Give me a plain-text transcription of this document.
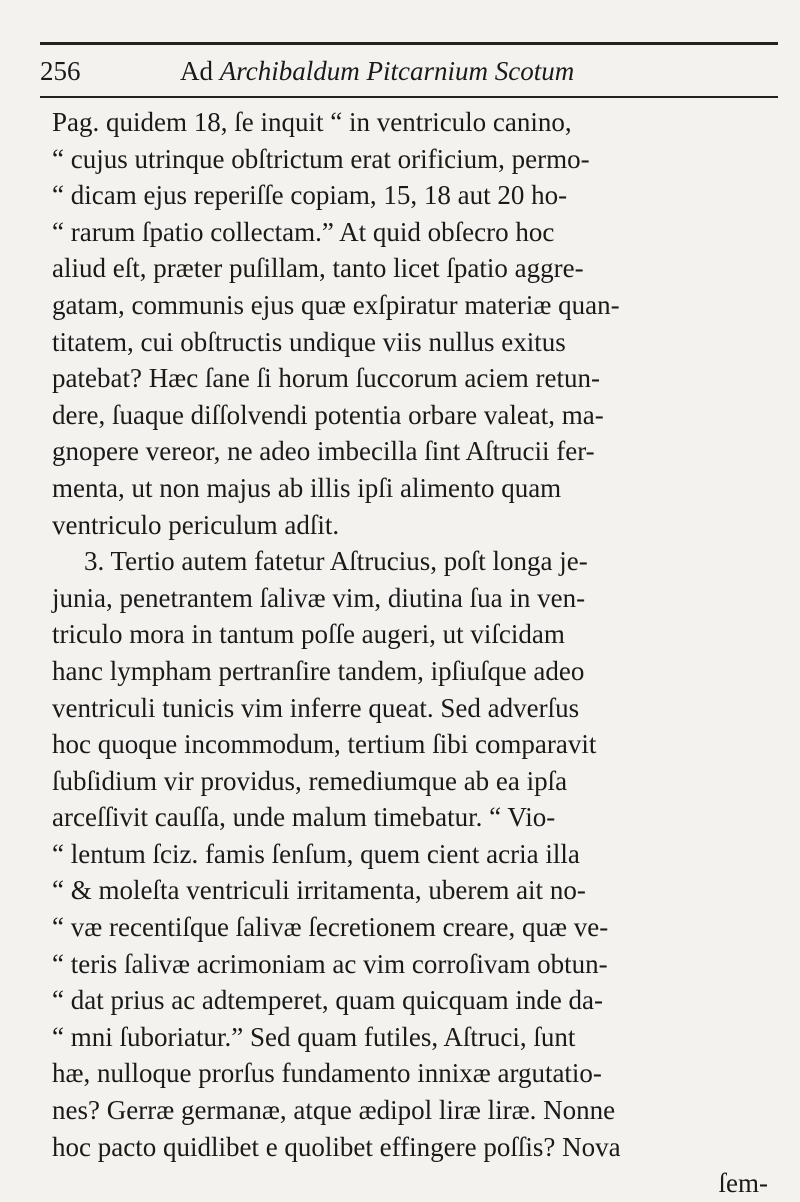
256	Ad Archibaldum Pitcarnium Scotum
Pag. quidem 18, ſe inquit “ in ventriculo canino,
“ cujus utrinque obſtrictum erat orificium, permo-
“ dicam ejus reperiſſe copiam, 15, 18 aut 20 ho-
“ rarum ſpatio collectam.” At quid obſecro hoc
aliud eſt, præter puſillam, tanto licet ſpatio aggre-
gatam, communis ejus quæ exſpiratur materiæ quan-
titatem, cui obſtructis undique viis nullus exitus
patebat? Hæc ſane ſi horum ſuccorum aciem retun-
dere, ſuaque diſſolvendi potentia orbare valeat, ma-
gnopere vereor, ne adeo imbecilla ſint Aſtrucii fer-
menta, ut non majus ab illis ipſi alimento quam
ventriculo periculum adſit.
3. Tertio autem fatetur Aſtrucius, poſt longa je-
junia, penetrantem ſalivæ vim, diutina ſua in ven-
triculo mora in tantum poſſe augeri, ut viſcidam
hanc lympham pertranſire tandem, ipſiuſque adeo
ventriculi tunicis vim inferre queat. Sed adverſus
hoc quoque incommodum, tertium ſibi comparavit
ſubſidium vir providus, remediumque ab ea ipſa
arceſſivit cauſſa, unde malum timebatur. “ Vio-
“ lentum ſciz. famis ſenſum, quem cient acria illa
“ & moleſta ventriculi irritamenta, uberem ait no-
“ væ recentiſque ſalivæ ſecretionem creare, quæ ve-
“ teris ſalivæ acrimoniam ac vim corroſivam obtun-
“ dat prius ac adtemperet, quam quicquam inde da-
“ mni ſuboriatur.” Sed quam futiles, Aſtruci, ſunt
hæ, nulloque prorſus fundamento innixæ argutatio-
nes? Gerræ germanæ, atque ædipol liræ liræ. Nonne
hoc pacto quidlibet e quolibet effingere poſſis? Nova
ſem-
